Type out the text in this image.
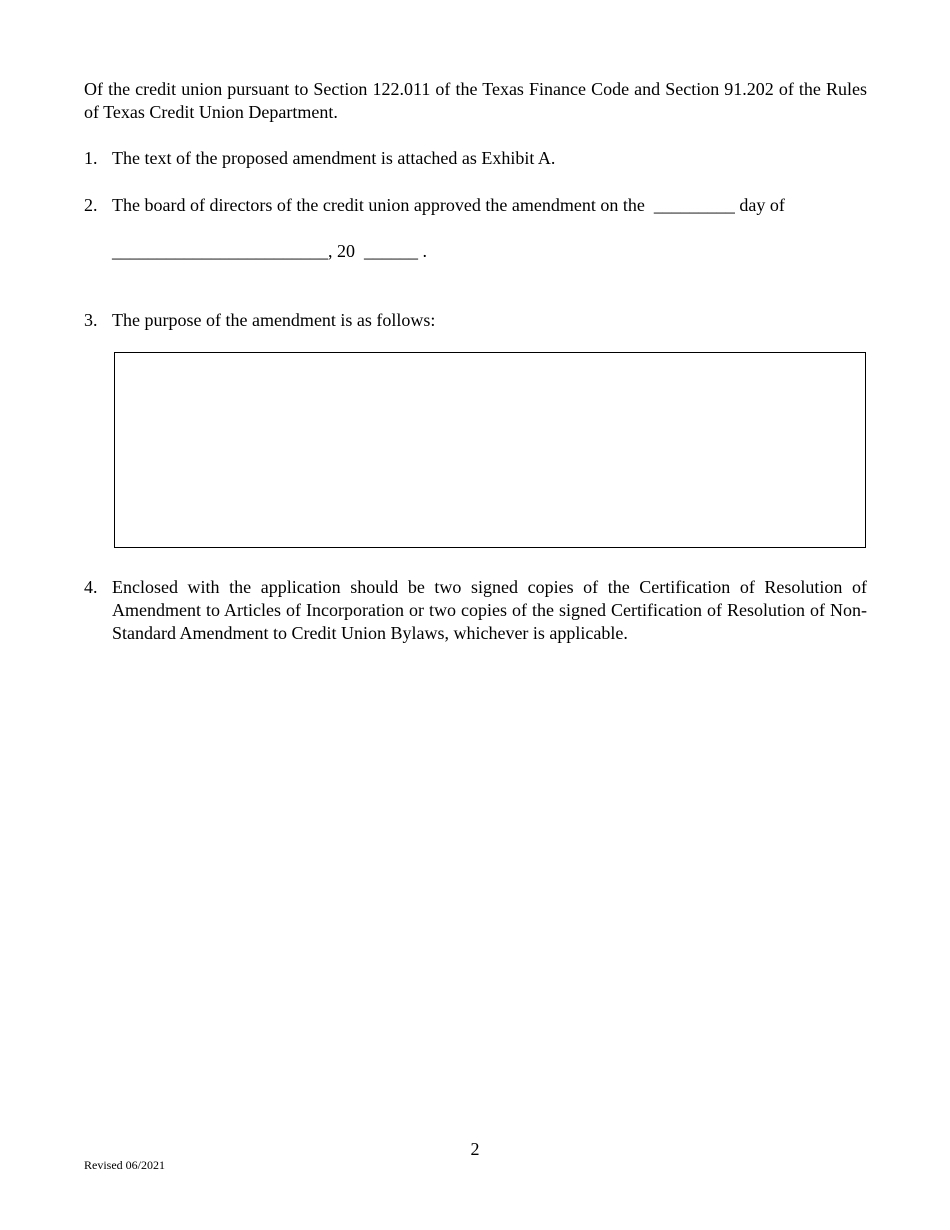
Of the credit union pursuant to Section 122.011 of the Texas Finance Code and Section 91.202 of the Rules of Texas Credit Union Department.

1. The text of the proposed amendment is attached as Exhibit A.
2. The board of directors of the credit union approved the amendment on the _________ day of
________________________, 20 ______ .
3. The purpose of the amendment is as follows:
4. Enclosed with the application should be two signed copies of the Certification of Resolution of Amendment to Articles of Incorporation or two copies of the signed Certification of Resolution of Non-Standard Amendment to Credit Union Bylaws, whichever is applicable.
2
Revised 06/2021
